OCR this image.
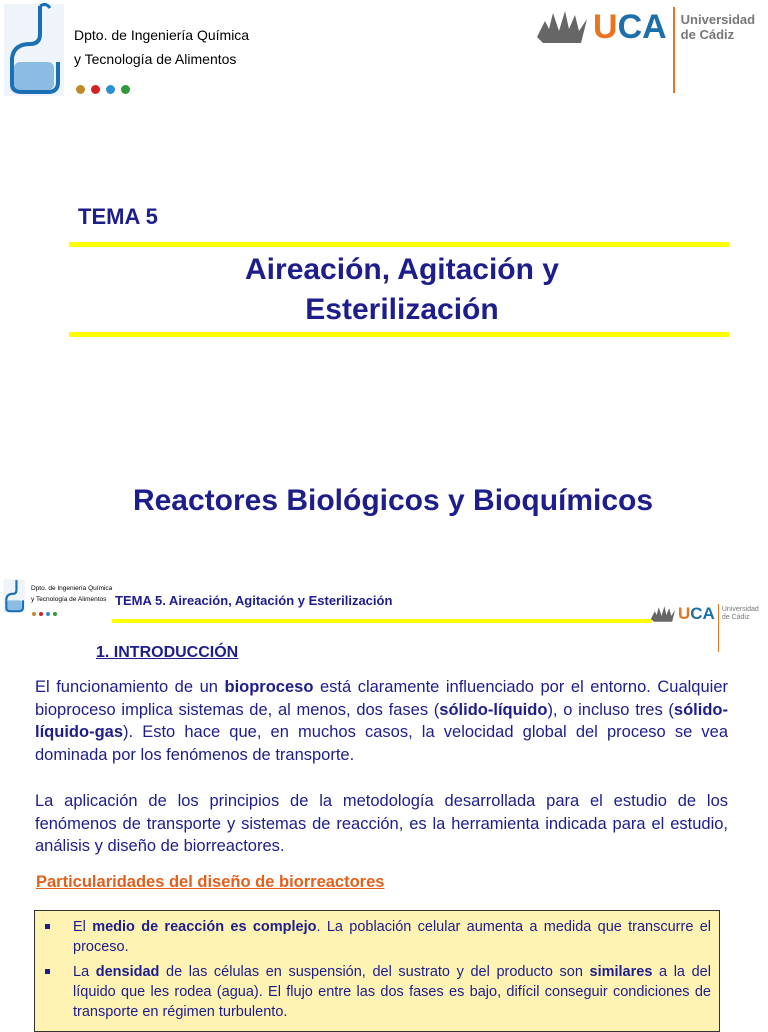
Dpto. de Ingeniería Química
y Tecnología de Alimentos
UCA Universidad
de Cádiz
TEMA 5
Aireación, Agitación y
Esterilización
Reactores Biológicos y Bioquímicos
Dpto. de Ingeniería Química
y Tecnología de Alimentos TEMA 5. Aireación, Agitación y Esterilización
UCA Universidad
de Cádiz
1. INTRODUCCIÓN
El funcionamiento de un bioproceso está claramente influenciado por el entorno. Cualquier bioproceso implica sistemas de, al menos, dos fases (sólido-líquido), o incluso tres (sólido-líquido-gas). Esto hace que, en muchos casos, la velocidad global del proceso se vea dominada por los fenómenos de transporte.
La aplicación de los principios de la metodología desarrollada para el estudio de los fenómenos de transporte y sistemas de reacción, es la herramienta indicada para el estudio, análisis y diseño de biorreactores.
Particularidades del diseño de biorreactores
El medio de reacción es complejo. La población celular aumenta a medida que transcurre el proceso.
La densidad de las células en suspensión, del sustrato y del producto son similares a la del líquido que les rodea (agua). El flujo entre las dos fases es bajo, difícil conseguir condiciones de transporte en régimen turbulento.
